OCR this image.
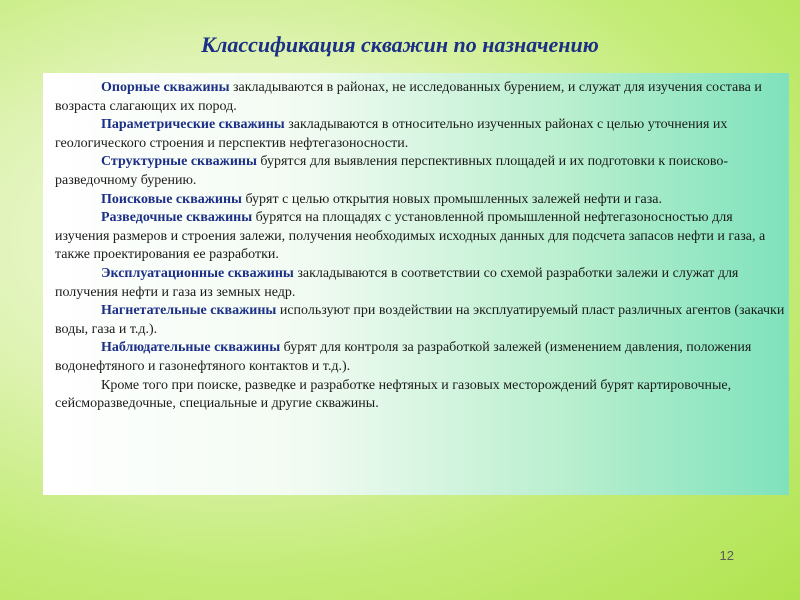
Классификация скважин по назначению

Опорные скважины закладываются в районах, не исследованных бурением, и служат для изучения состава и возраста слагающих их пород.

Параметрические скважины закладываются в относительно изученных районах с целью уточнения их геологического строения и перспектив нефтегазоносности.

Структурные скважины бурятся для выявления перспективных площадей и их подготовки к поисково-разведочному бурению.

Поисковые скважины бурят с целью открытия новых промышленных залежей нефти и газа.

Разведочные скважины бурятся на площадях с установленной промышленной нефтегазоносностью для изучения размеров и строения залежи, получения необходимых исходных данных для подсчета запасов нефти и газа, а также проектирования ее разработки.

Эксплуатационные скважины закладываются в соответствии со схемой разработки залежи и служат для получения нефти и газа из земных недр.

Нагнетательные скважины используют при воздействии на эксплуатируемый пласт различных агентов (закачки воды, газа и т.д.).

Наблюдательные скважины бурят для контроля за разработкой залежей (изменением давления, положения водонефтяного и газонефтяного контактов и т.д.).

Кроме того при поиске, разведке и разработке нефтяных и газовых месторождений бурят картировочные, сейсморазведочные, специальные и другие скважины.

12
